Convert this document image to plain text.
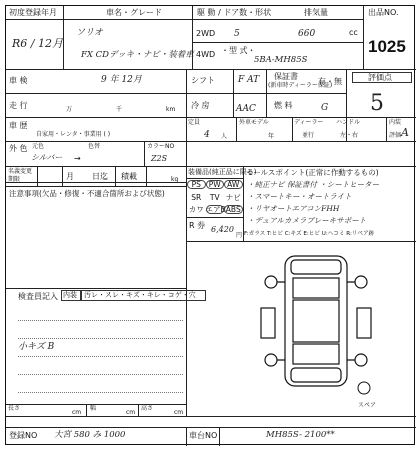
初度登録年月	車名・グレード	駆 動 / ドア数・形状	排気量	出品NO.
1025
R6 / 12月
ソリオ
FX CDデッキ・ナビ・装着車
2WD
4WD
5	660	cc
・型 式・
5BA-MH85S
車 検	9 年 12月	シフト	F AT 保証書
(新車時ディーラー保証)
有・無	評価点
5
走 行	万	千	km 冷 房	AAC 燃 料	G
車 歴
自家用・レンタ・事業用 ( )
定員
4 人
外車モデル
年
ディーラー
並行
ハンドル
左・右
内装
評価 A
外 色 元色
シルバー →
色替	カラーNO
Z2S
名義変更
期限	月 日迄 積載	kg
注意事項(欠品・修復・不適合箇所および状態)
装備品(純正品に限る)
PS	PW AW
SR	TV ナビ
カワ エアB ABS
R 券 6,420
円
セールスポイント(正常に作動するもの)
・純正ナビ 保証書付 ・シートヒーター
・スマートキー・オートライト
・リヤオートエアコンFHH
・デュアルカメラブレーキサポート
F:ガラス T:ヒビ C:キズ E:ヒビ U:ヘコミ R:リペア跡
検査員記入 内装 汚レ・スレ・キズ・キレ・コゲ・穴
小キズ B
スペア
長さ
cm
幅
cm
高さ
cm
登録NO 大宮 580 み 1000	車台NO	MH85S- 2100**
